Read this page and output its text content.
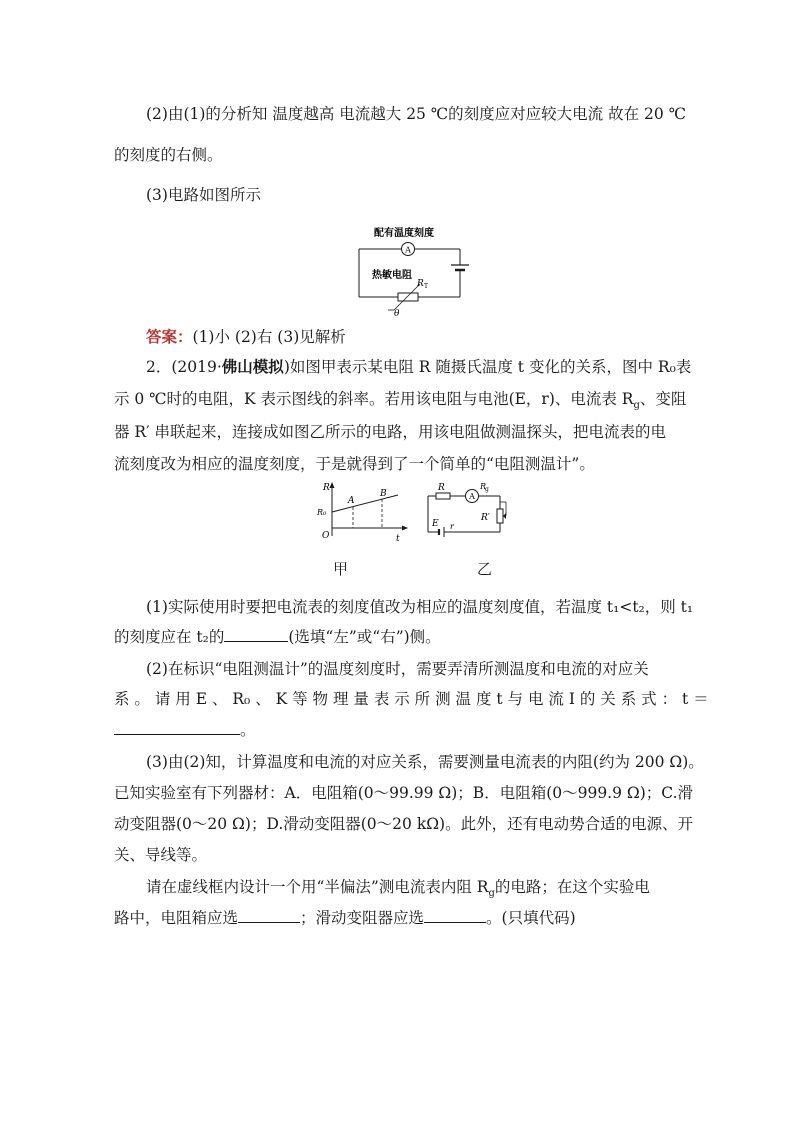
(2)由(1)的分析知 温度越高 电流越大 25 ℃的刻度应对应较大电流 故在 20 ℃
的刻度的右侧。
(3)电路如图所示
配有温度刻度
A
热敏电阻
R T
θ
答案：(1)小 (2)右 (3)见解析
2．(2019·佛山模拟)如图甲表示某电阻 R 随摄氏温度 t 变化的关系，图中 R₀表
示 0 ℃时的电阻，K 表示图线的斜率。若用该电阻与电池(E，r)、电流表 $R_g$、变阻
器 R′ 串联起来，连接成如图乙所示的电路，用该电阻做测温探头，把电流表的电
流刻度改为相应的温度刻度，于是就得到了一个简单的“电阻测温计”。
R
R₀
O	t
A
B
甲
A
R	R
g
R′
E r
乙
(1)实际使用时要把电流表的刻度值改为相应的温度刻度值，若温度 t₁<t₂，则 t₁
的刻度应在 t₂的	(选填“左”或“右”)侧。
(2)在标识“电阻测温计”的温度刻度时，需要弄清所测温度和电流的对应关
系 。 请 用 E 、 R₀ 、 K 等 物 理 量 表 示 所 测 温 度 t 与 电 流 I 的 关 系 式 ： t ＝
。
(3)由(2)知，计算温度和电流的对应关系，需要测量电流表的内阻(约为 200 Ω)。
已知实验室有下列器材：A．电阻箱(0～99.99 Ω)；B．电阻箱(0～999.9 Ω)；C.滑
动变阻器(0～20 Ω)；D.滑动变阻器(0～20 kΩ)。此外，还有电动势合适的电源、开
关、导线等。
请在虚线框内设计一个用“半偏法”测电流表内阻 $R_g$的电路；在这个实验电
路中，电阻箱应选	；滑动变阻器应选	。(只填代码)
